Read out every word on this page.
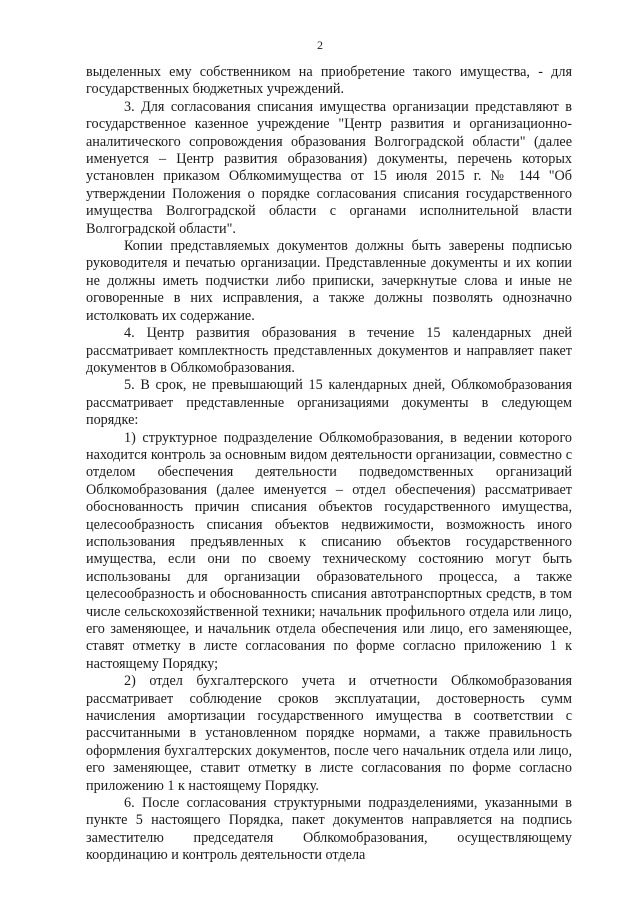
2

выделенных ему собственником на приобретение такого имущества, - для государственных бюджетных учреждений.

3. Для согласования списания имущества организации представляют в государственное казенное учреждение "Центр развития и организационно-аналитического сопровождения образования Волгоградской области" (далее именуется – Центр развития образования) документы, перечень которых установлен приказом Облкомимущества от 15 июля 2015 г. № 144 "Об утверждении Положения о порядке согласования списания государственного имущества Волгоградской области с органами исполнительной власти Волгоградской области".

Копии представляемых документов должны быть заверены подписью руководителя и печатью организации. Представленные документы и их копии не должны иметь подчистки либо приписки, зачеркнутые слова и иные не оговоренные в них исправления, а также должны позволять однозначно истолковать их содержание.

4. Центр развития образования в течение 15 календарных дней рассматривает комплектность представленных документов и направляет пакет документов в Облкомобразования.

5. В срок, не превышающий 15 календарных дней, Облкомобразования рассматривает представленные организациями документы в следующем порядке:

1) структурное подразделение Облкомобразования, в ведении которого находится контроль за основным видом деятельности организации, совместно с отделом обеспечения деятельности подведомственных организаций Облкомобразования (далее именуется – отдел обеспечения) рассматривает обоснованность причин списания объектов государственного имущества, целесообразность списания объектов недвижимости, возможность иного использования предъявленных к списанию объектов государственного имущества, если они по своему техническому состоянию могут быть использованы для организации образовательного процесса, а также целесообразность и обоснованность списания автотранспортных средств, в том числе сельскохозяйственной техники; начальник профильного отдела или лицо, его заменяющее, и начальник отдела обеспечения или лицо, его заменяющее, ставят отметку в листе согласования по форме согласно приложению 1 к настоящему Порядку;

2) отдел бухгалтерского учета и отчетности Облкомобразования рассматривает соблюдение сроков эксплуатации, достоверность сумм начисления амортизации государственного имущества в соответствии с рассчитанными в установленном порядке нормами, а также правильность оформления бухгалтерских документов, после чего начальник отдела или лицо, его заменяющее, ставит отметку в листе согласования по форме согласно приложению 1 к настоящему Порядку.

6. После согласования структурными подразделениями, указанными в пункте 5 настоящего Порядка, пакет документов направляется на подпись заместителю председателя Облкомобразования, осуществляющему координацию и контроль деятельности отдела
